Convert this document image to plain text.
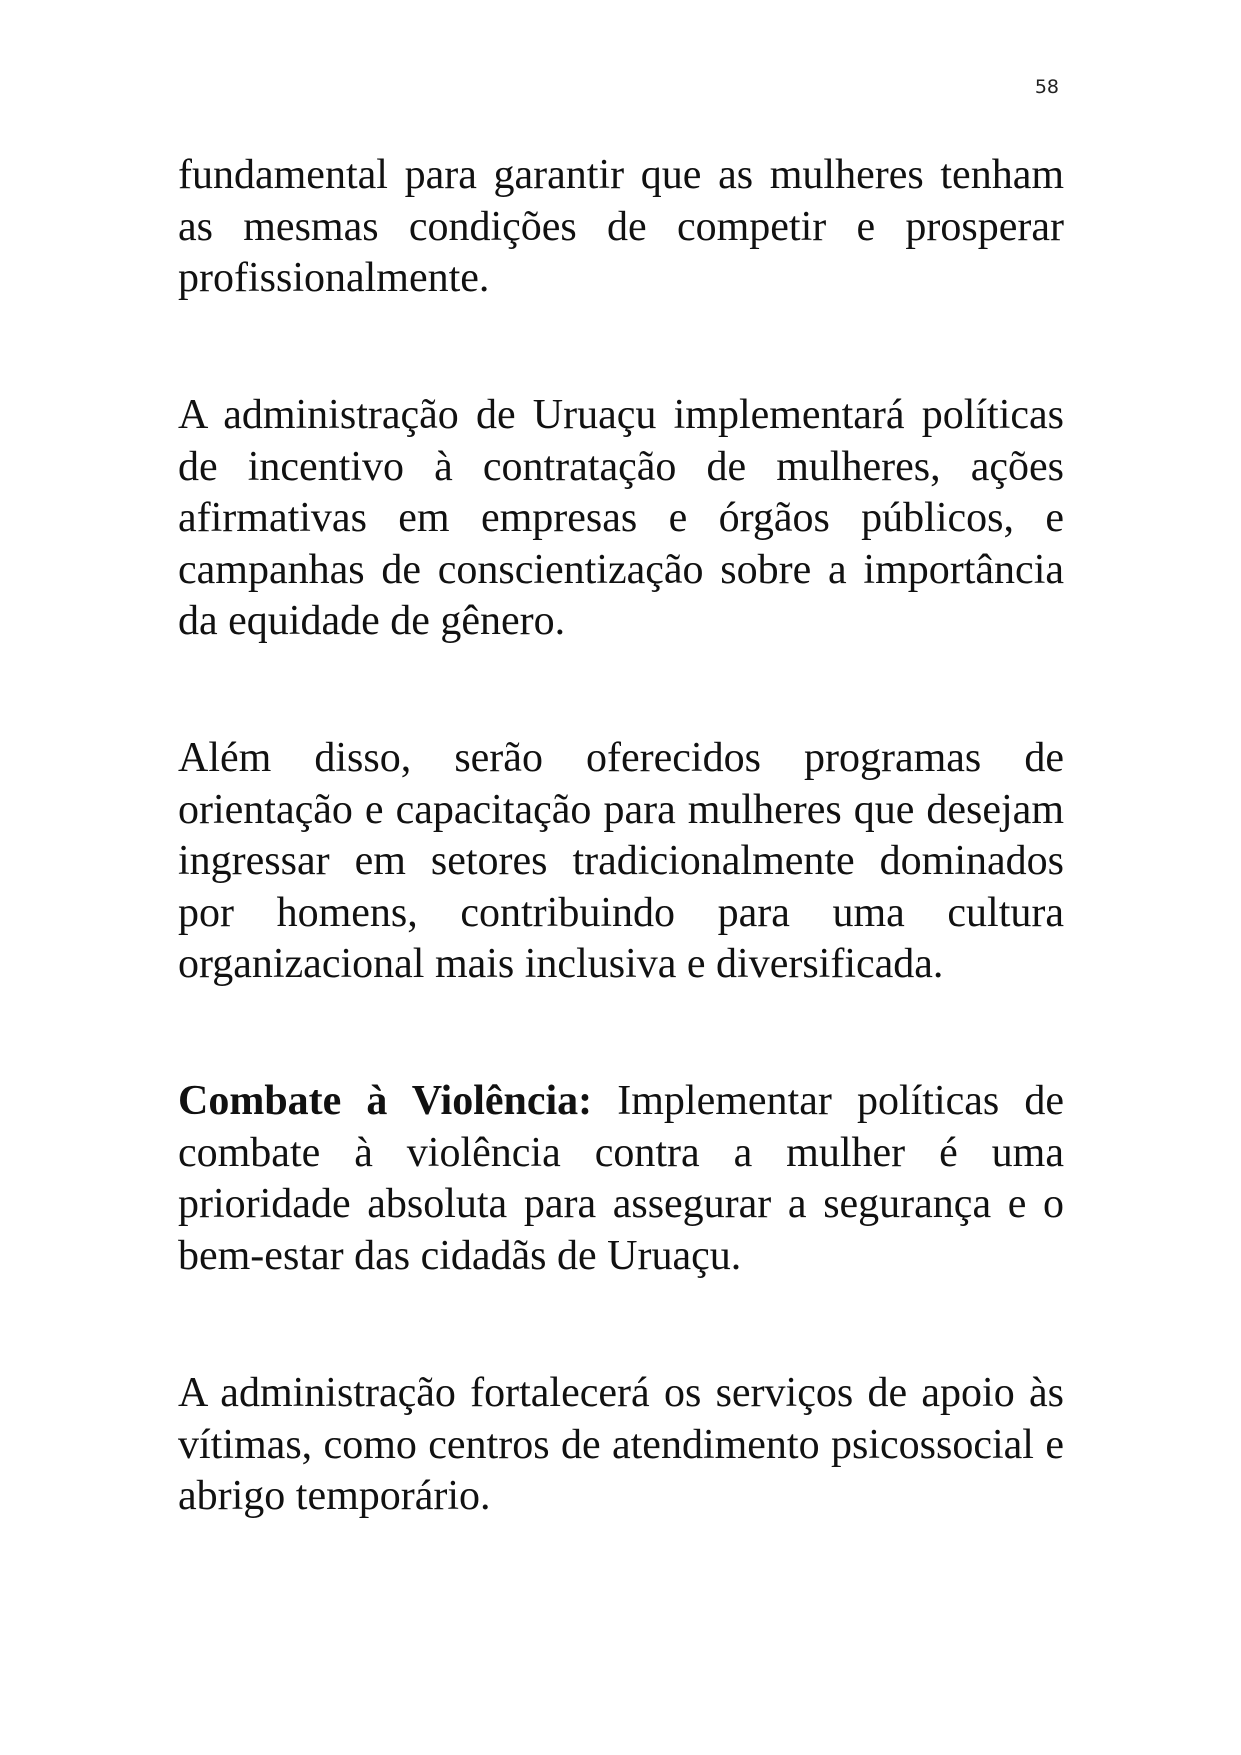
58

fundamental para garantir que as mulheres tenham as mesmas condições de competir e prosperar profissionalmente.

A administração de Uruaçu implementará políticas de incentivo à contratação de mulheres, ações afirmativas em empresas e órgãos públicos, e campanhas de conscientização sobre a importância da equidade de gênero.

Além disso, serão oferecidos programas de orientação e capacitação para mulheres que desejam ingressar em setores tradicionalmente dominados por homens, contribuindo para uma cultura organizacional mais inclusiva e diversificada.

Combate à Violência: Implementar políticas de combate à violência contra a mulher é uma prioridade absoluta para assegurar a segurança e o bem-estar das cidadãs de Uruaçu.

A administração fortalecerá os serviços de apoio às vítimas, como centros de atendimento psicossocial e abrigo temporário.
